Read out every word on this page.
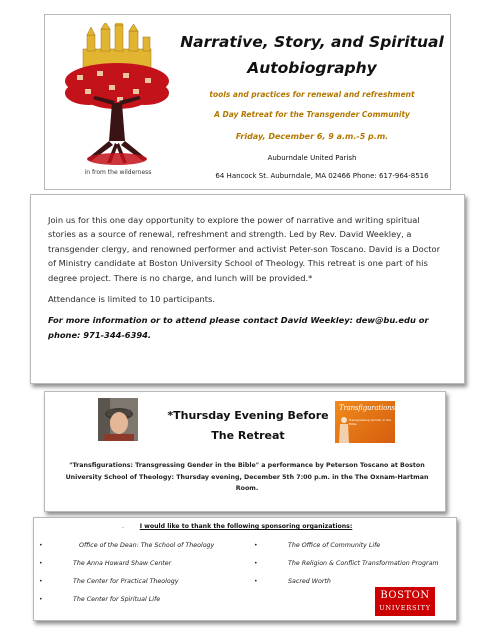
in from the wilderness
Narrative, Story, and Spiritual
Autobiography
tools and practices for renewal and refreshment
A Day Retreat for the Transgender Community
Friday, December 6, 9 a.m.-5 p.m.
Auburndale United Parish
64 Hancock St. Auburndale, MA 02466 Phone: 617-964-8516

Join us for this one day opportunity to explore the power of narrative and writing spiritual stories as a source of renewal, refreshment and strength. Led by Rev. David Weekley, a transgender clergy, and renowned performer and activist Peter-son Toscano. David is a Doctor of Ministry candidate at Boston University School of Theology. This retreat is one part of his degree project. There is no charge, and lunch will be provided.*

Attendance is limited to 10 participants.

For more information or to attend please contact David Weekley: dew@bu.edu or phone: 971-344-6394.

*Thursday Evening Before
The Retreat
Transfigurations
Transgressing Gender in the Bible
"Transfigurations: Transgressing Gender in the Bible" a performance by Peterson Toscano at Boston University School of Theology: Thursday evening, December 5th 7:00 p.m. in the The Oxnam-Hartman Room.
.	I would like to thank the following sponsoring organizations:
•	Office of the Dean: The School of Theology
•	The Anna Howard Shaw Center
•	The Center for Practical Theology
•	The Center for Spiritual Life
•	The Office of Community Life
•	The Religion & Conflict Transformation Program
•	Sacred Worth
BOSTON
UNIVERSITY
